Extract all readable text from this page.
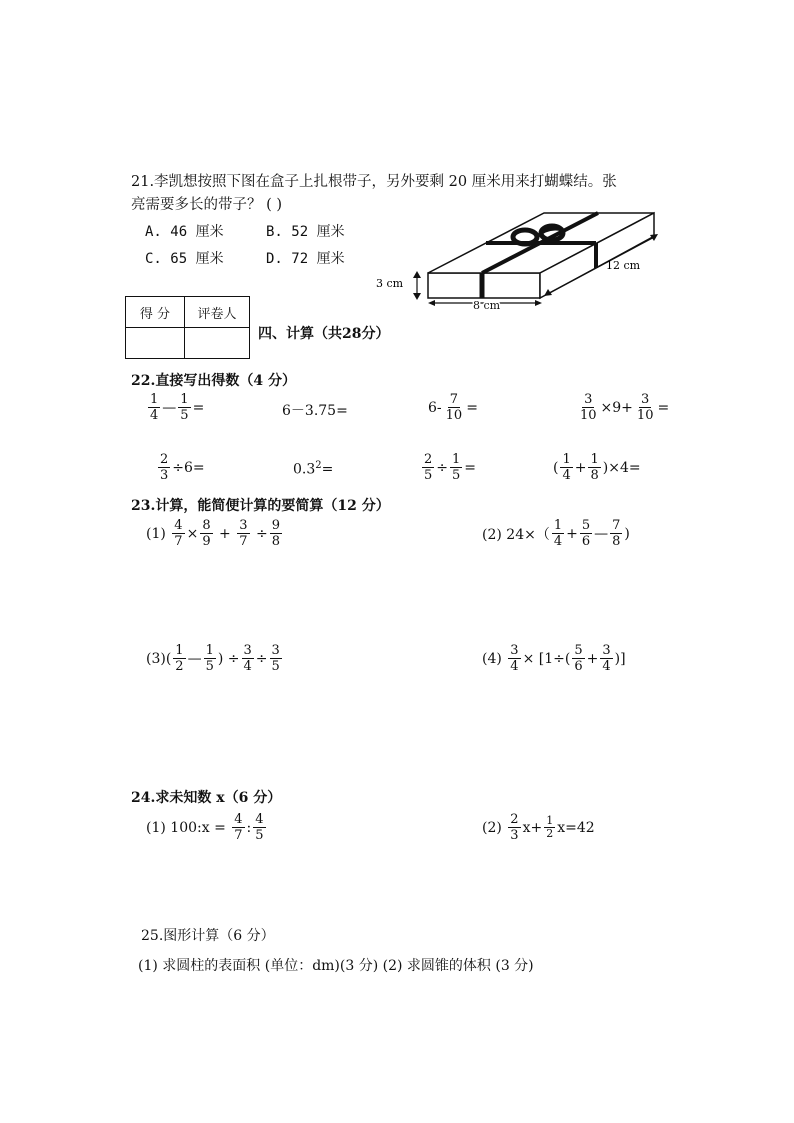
21.李凯想按照下图在盒子上扎根带子，另外要剩 20 厘米用来打蝴蝶结。张
亮需要多长的带子？ ( )
A. 46 厘米	B. 52 厘米
C. 65 厘米	D. 72 厘米
3 cm
8 cm
12 cm
得 分	评卷人

四、计算（共28分）
22.直接写出得数（4 分）
$\frac{1}{4}$ — $\frac{1}{5}$ =	6－3.75=	$6- \frac{7}{10}$ =	$\frac{3}{10} \times 9+ \frac{3}{10}$ =
$\frac{2}{3} \div 6=$	$0.3^2=$	$\frac{2}{5} \div \frac{1}{5}$ =	( $\frac{1}{4} + \frac{1}{8} )\times 4=$
23.计算，能简便计算的要简算（12 分）
(1)
$\frac{4}{7} \times \frac{8}{9}$
+
$\frac{3}{7}$
÷ $\frac{9}{8}$	(2) $24\times( \frac{1}{4} + \frac{5}{6}$ — $\frac{7}{8}$ )
$(3)( \frac{1}{2}$ — $\frac{1}{5}$ ) ÷ $\frac{3}{4} \div \frac{3}{5}$	(4)
$\frac{3}{4} \times [1\div( \frac{5}{6} + \frac{3}{4}$ )]
24.求未知数 x（6 分）
(1) 100:x =
$\frac{4}{7}$ : $\frac{4}{5}$	(2)
$\frac{2}{3} x+ \frac{1}{2} x=42$
25.图形计算（6 分）
(1) 求圆柱的表面积 (单位：dm)(3 分) (2) 求圆锥的体积 (3 分)
